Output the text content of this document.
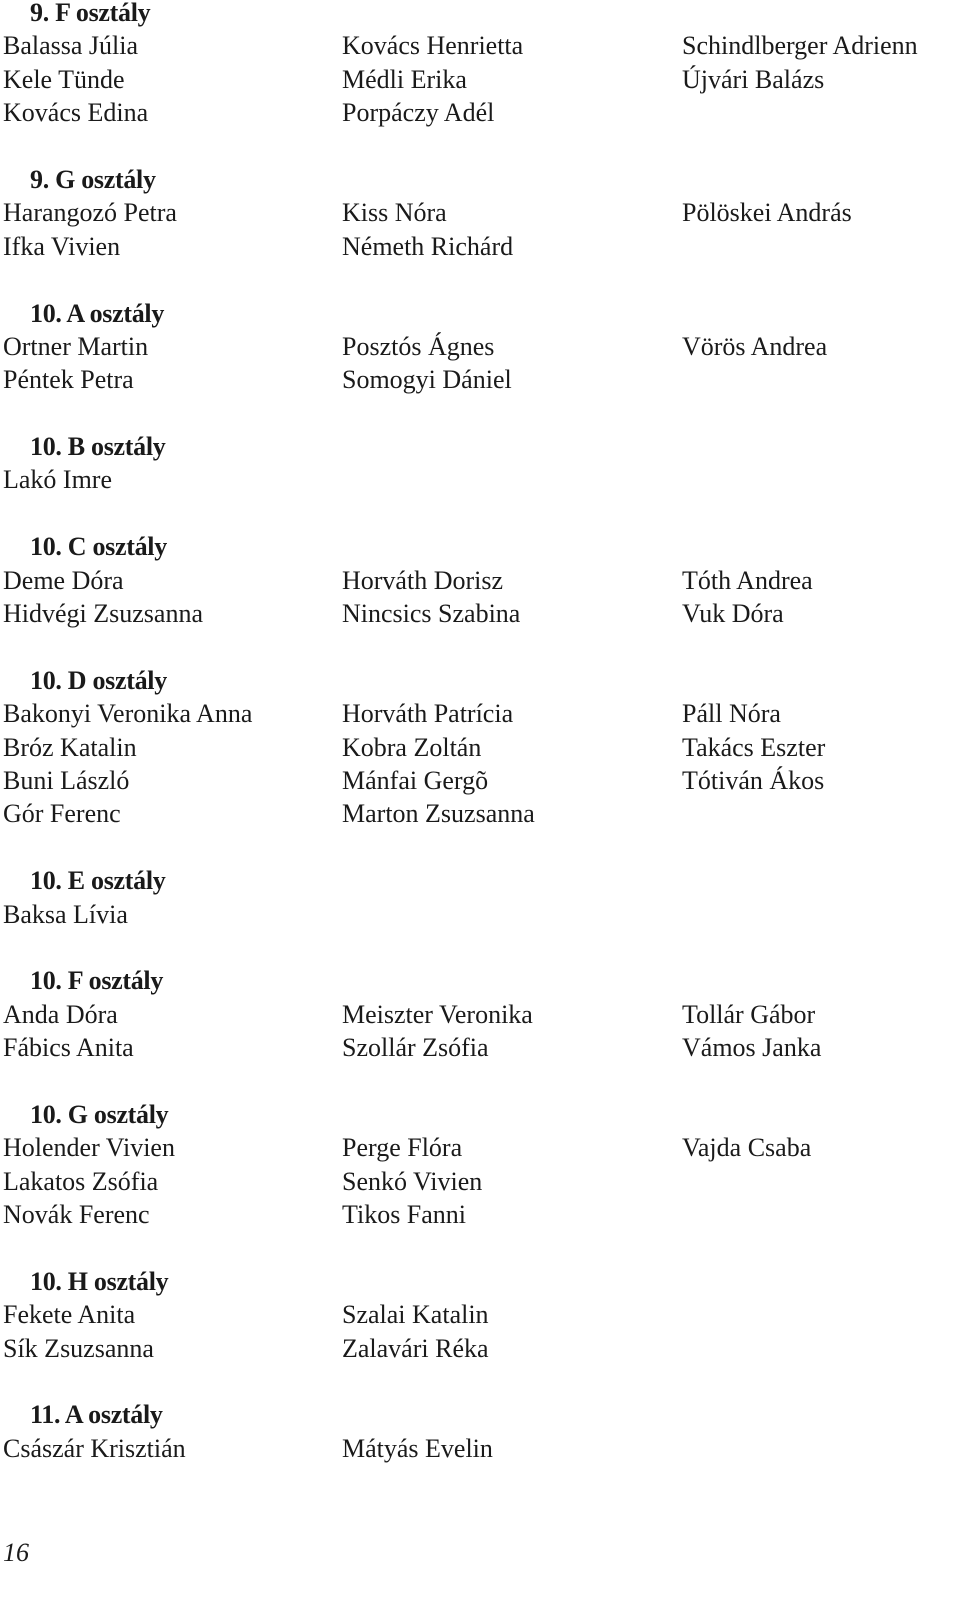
9. F osztály
Balassa Júlia	Kovács Henrietta	Schindlberger Adrienn
Kele Tünde	Médli Erika	Újvári Balázs
Kovács Edina	Porpáczy Adél
9. G osztály
Harangozó Petra	Kiss Nóra	Pölöskei András
Ifka Vivien	Németh Richárd
10. A osztály
Ortner Martin	Posztós Ágnes	Vörös Andrea
Péntek Petra	Somogyi Dániel
10. B osztály
Lakó Imre
10. C osztály
Deme Dóra	Horváth Dorisz	Tóth Andrea
Hidvégi Zsuzsanna	Nincsics Szabina	Vuk Dóra
10. D osztály
Bakonyi Veronika Anna	Horváth Patrícia	Páll Nóra
Bróz Katalin	Kobra Zoltán	Takács Eszter
Buni László	Mánfai Gergõ	Tótiván Ákos
Gór Ferenc	Marton Zsuzsanna
10. E osztály
Baksa Lívia
10. F osztály
Anda Dóra	Meiszter Veronika	Tollár Gábor
Fábics Anita	Szollár Zsófia	Vámos Janka
10. G osztály
Holender Vivien	Perge Flóra	Vajda Csaba
Lakatos Zsófia	Senkó Vivien
Novák Ferenc	Tikos Fanni
10. H osztály
Fekete Anita	Szalai Katalin
Sík Zsuzsanna	Zalavári Réka
11. A osztály
Császár Krisztián	Mátyás Evelin
16
